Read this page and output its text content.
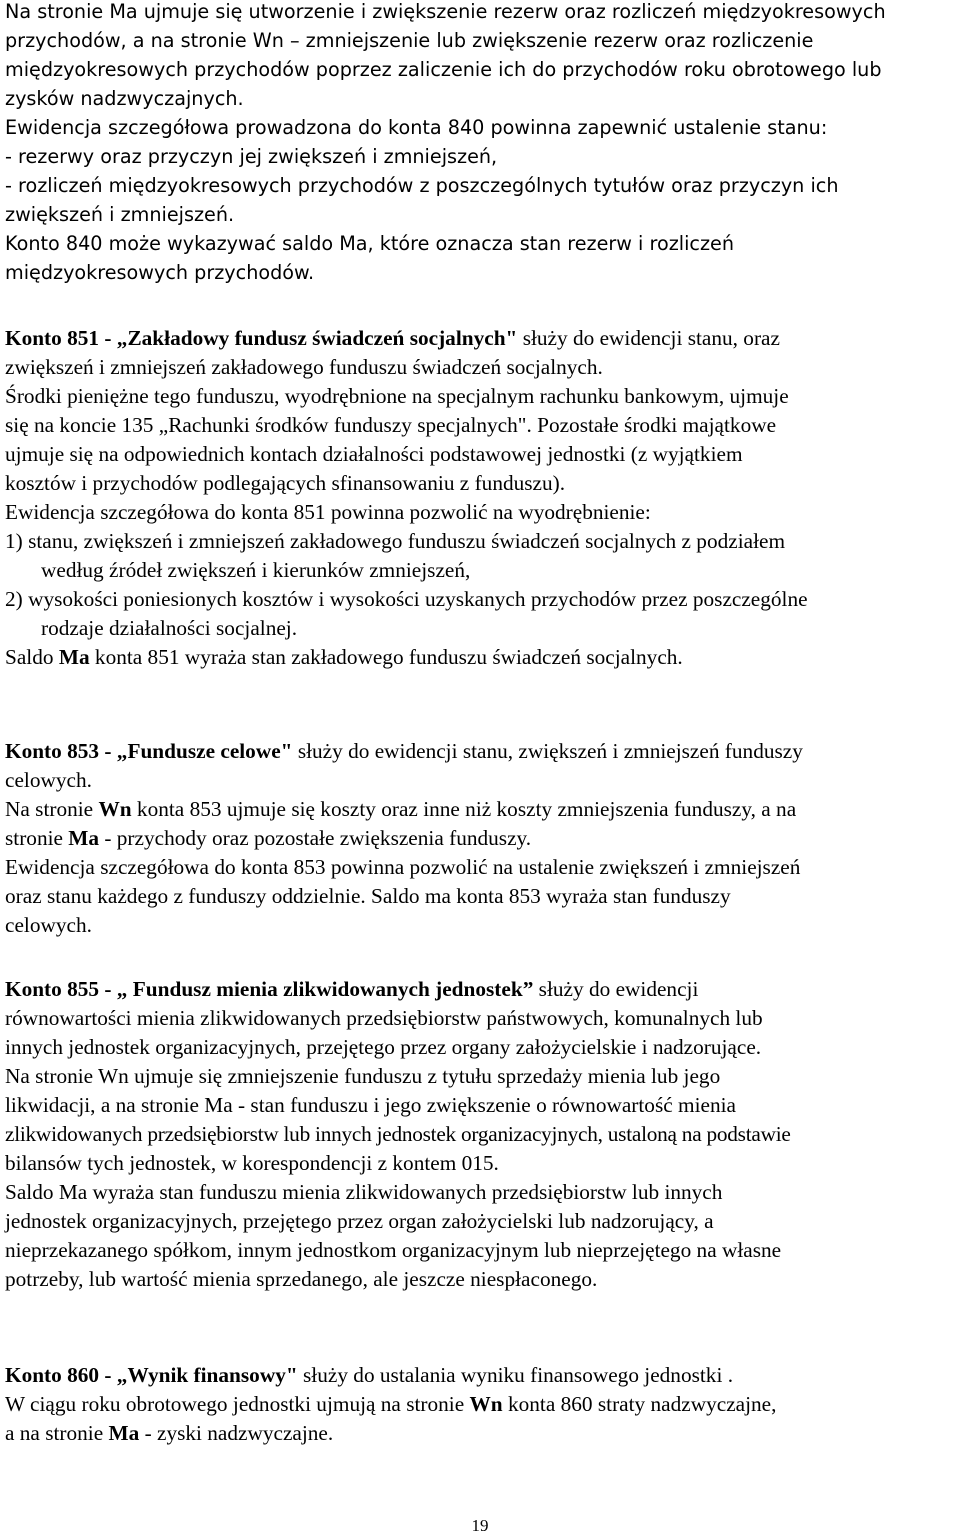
Na stronie Ma ujmuje się utworzenie i zwiększenie rezerw oraz rozliczeń międzyokresowych
przychodów, a na stronie Wn – zmniejszenie lub zwiększenie rezerw oraz rozliczenie
międzyokresowych przychodów poprzez zaliczenie ich do przychodów roku obrotowego lub
zysków nadzwyczajnych.
Ewidencja szczegółowa prowadzona do konta 840 powinna zapewnić ustalenie stanu:
- rezerwy oraz przyczyn jej zwiększeń i zmniejszeń,
- rozliczeń międzyokresowych przychodów z poszczególnych tytułów oraz przyczyn ich
zwiększeń i zmniejszeń.
Konto 840 może wykazywać saldo Ma, które oznacza stan rezerw i rozliczeń
międzyokresowych przychodów.
Konto 851 - „Zakładowy fundusz świadczeń socjalnych" służy do ewidencji stanu, oraz
zwiększeń i zmniejszeń zakładowego funduszu świadczeń socjalnych.
Środki pieniężne tego funduszu, wyodrębnione na specjalnym rachunku bankowym, ujmuje
się na koncie 135 „Rachunki środków funduszy specjalnych". Pozostałe środki majątkowe
ujmuje się na odpowiednich kontach działalności podstawowej jednostki (z wyjątkiem
kosztów i przychodów podlegających sfinansowaniu z funduszu).
Ewidencja szczegółowa do konta 851 powinna pozwolić na wyodrębnienie:
1) stanu, zwiększeń i zmniejszeń zakładowego funduszu świadczeń socjalnych z podziałem
według źródeł zwiększeń i kierunków zmniejszeń,
2) wysokości poniesionych kosztów i wysokości uzyskanych przychodów przez poszczególne
rodzaje działalności socjalnej.
Saldo Ma konta 851 wyraża stan zakładowego funduszu świadczeń socjalnych.
Konto 853 - „Fundusze celowe" służy do ewidencji stanu, zwiększeń i zmniejszeń funduszy
celowych.
Na stronie Wn konta 853 ujmuje się koszty oraz inne niż koszty zmniejszenia funduszy, a na
stronie Ma - przychody oraz pozostałe zwiększenia funduszy.
Ewidencja szczegółowa do konta 853 powinna pozwolić na ustalenie zwiększeń i zmniejszeń
oraz stanu każdego z funduszy oddzielnie. Saldo ma konta 853 wyraża stan funduszy
celowych.
Konto 855 - „ Fundusz mienia zlikwidowanych jednostek” służy do ewidencji
równowartości mienia zlikwidowanych przedsiębiorstw państwowych, komunalnych lub
innych jednostek organizacyjnych, przejętego przez organy założycielskie i nadzorujące.
Na stronie Wn ujmuje się zmniejszenie funduszu z tytułu sprzedaży mienia lub jego
likwidacji, a na stronie Ma - stan funduszu i jego zwiększenie o równowartość mienia
zlikwidowanych przedsiębiorstw lub innych jednostek organizacyjnych, ustaloną na podstawie
bilansów tych jednostek, w korespondencji z kontem 015.
Saldo Ma wyraża stan funduszu mienia zlikwidowanych przedsiębiorstw lub innych
jednostek organizacyjnych, przejętego przez organ założycielski lub nadzorujący, a
nieprzekazanego spółkom, innym jednostkom organizacyjnym lub nieprzejętego na własne
potrzeby, lub wartość mienia sprzedanego, ale jeszcze niespłaconego.
Konto 860 - „Wynik finansowy" służy do ustalania wyniku finansowego jednostki .
W ciągu roku obrotowego jednostki ujmują na stronie Wn konta 860 straty nadzwyczajne,
a na stronie Ma - zyski nadzwyczajne.
19
